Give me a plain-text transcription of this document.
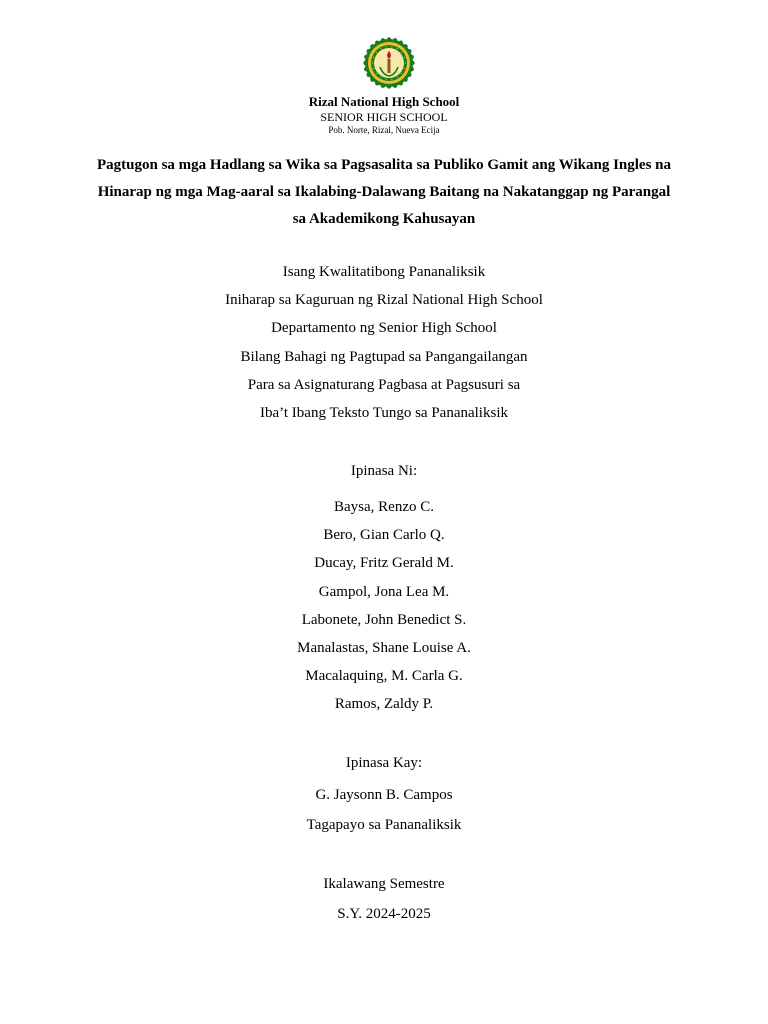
Rizal National High School
SENIOR HIGH SCHOOL
Pob. Norte, Rizal, Nueva Ecija
Pagtugon sa mga Hadlang sa Wika sa Pagsasalita sa Publiko Gamit ang Wikang Ingles na
Hinarap ng mga Mag-aaral sa Ikalabing-Dalawang Baitang na Nakatanggap ng Parangal
sa Akademikong Kahusayan
Isang Kwalitatibong Pananaliksik
Iniharap sa Kaguruan ng Rizal National High School
Departamento ng Senior High School
Bilang Bahagi ng Pagtupad sa Pangangailangan
Para sa Asignaturang Pagbasa at Pagsusuri sa
Iba’t Ibang Teksto Tungo sa Pananaliksik
Ipinasa Ni:
Baysa, Renzo C.
Bero, Gian Carlo Q.
Ducay, Fritz Gerald M.
Gampol, Jona Lea M.
Labonete, John Benedict S.
Manalastas, Shane Louise A.
Macalaquing, M. Carla G.
Ramos, Zaldy P.
Ipinasa Kay:
G. Jaysonn B. Campos
Tagapayo sa Pananaliksik
Ikalawang Semestre
S.Y. 2024-2025
